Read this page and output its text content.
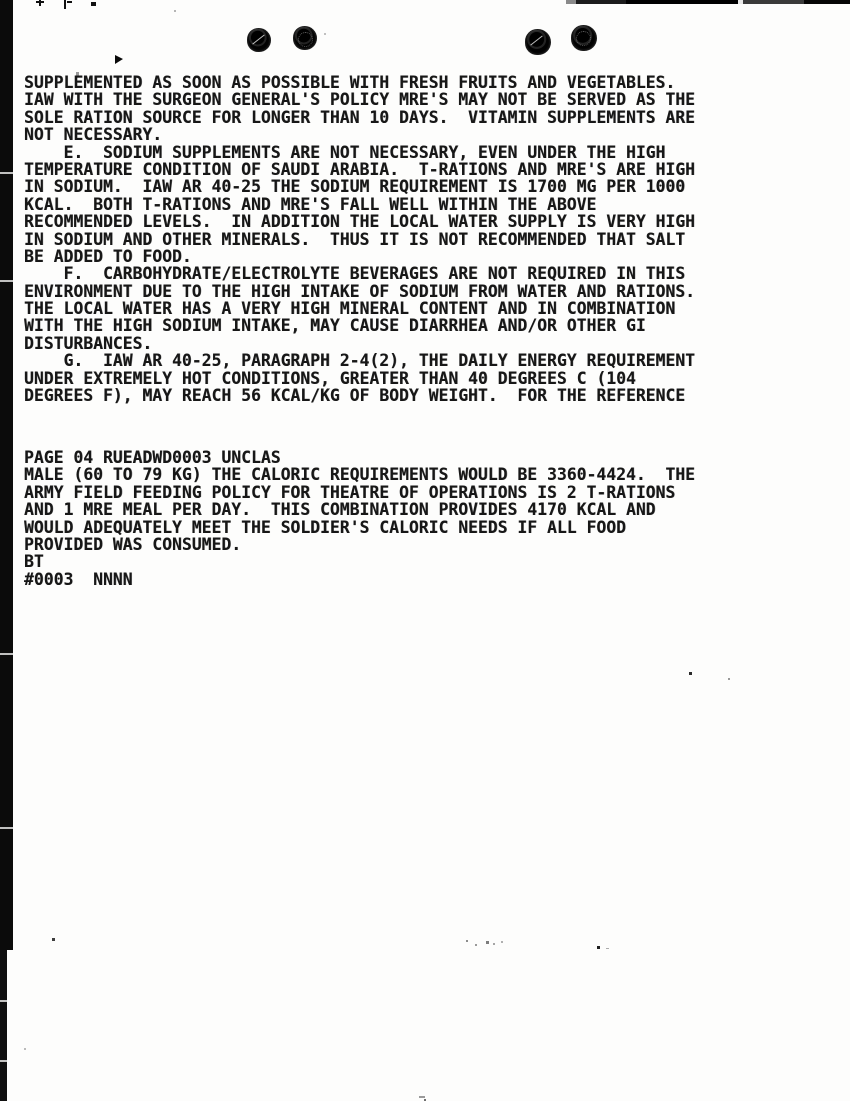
SUPPLEMENTED AS SOON AS POSSIBLE WITH FRESH FRUITS AND VEGETABLES.
IAW WITH THE SURGEON GENERAL'S POLICY MRE'S MAY NOT BE SERVED AS THE
SOLE RATION SOURCE FOR LONGER THAN 10 DAYS.  VITAMIN SUPPLEMENTS ARE
NOT NECESSARY.
E.  SODIUM SUPPLEMENTS ARE NOT NECESSARY, EVEN UNDER THE HIGH
TEMPERATURE CONDITION OF SAUDI ARABIA.  T-RATIONS AND MRE'S ARE HIGH
IN SODIUM.  IAW AR 40-25 THE SODIUM REQUIREMENT IS 1700 MG PER 1000
KCAL.  BOTH T-RATIONS AND MRE'S FALL WELL WITHIN THE ABOVE
RECOMMENDED LEVELS.  IN ADDITION THE LOCAL WATER SUPPLY IS VERY HIGH
IN SODIUM AND OTHER MINERALS.  THUS IT IS NOT RECOMMENDED THAT SALT
BE ADDED TO FOOD.
F.  CARBOHYDRATE/ELECTROLYTE BEVERAGES ARE NOT REQUIRED IN THIS
ENVIRONMENT DUE TO THE HIGH INTAKE OF SODIUM FROM WATER AND RATIONS.
THE LOCAL WATER HAS A VERY HIGH MINERAL CONTENT AND IN COMBINATION
WITH THE HIGH SODIUM INTAKE, MAY CAUSE DIARRHEA AND/OR OTHER GI
DISTURBANCES.
G.  IAW AR 40-25, PARAGRAPH 2-4(2), THE DAILY ENERGY REQUIREMENT
UNDER EXTREMELY HOT CONDITIONS, GREATER THAN 40 DEGREES C (104
DEGREES F), MAY REACH 56 KCAL/KG OF BODY WEIGHT.  FOR THE REFERENCE
PAGE 04 RUEADWD0003 UNCLAS
MALE (60 TO 79 KG) THE CALORIC REQUIREMENTS WOULD BE 3360-4424.  THE
ARMY FIELD FEEDING POLICY FOR THEATRE OF OPERATIONS IS 2 T-RATIONS
AND 1 MRE MEAL PER DAY.  THIS COMBINATION PROVIDES 4170 KCAL AND
WOULD ADEQUATELY MEET THE SOLDIER'S CALORIC NEEDS IF ALL FOOD
PROVIDED WAS CONSUMED.
BT
#0003  NNNN
